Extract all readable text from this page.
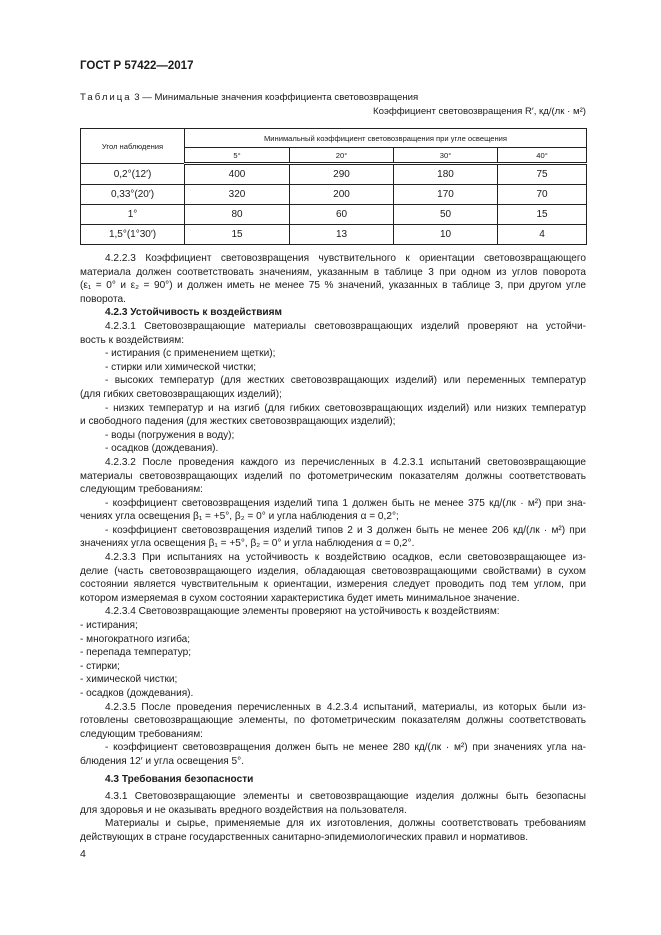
ГОСТ Р 57422—2017
Таблица 3 — Минимальные значения коэффициента световозвращения
Коэффициент световозвращения R′, кд/(лк · м²)
Угол наблюдения	Минимальный коэффициент световозвращения при угле освещения			
	5°	20°	30°	40°
0,2°(12′)	400	290	180	75
0,33°(20′)	320	200	170	70
1°	80	60	50	15
1,5°(1°30′)	15	13	10	4
4.2.2.3 Коэффициент световозвращения чувствительного к ориентации световозвращающего
материала должен соответствовать значениям, указанным в таблице 3 при одном из углов поворота
(ε₁ = 0° и ε₂ = 90°) и должен иметь не менее 75 % значений, указанных в таблице 3, при другом угле
поворота.
4.2.3 Устойчивость к воздействиям
4.2.3.1 Световозвращающие материалы световозвращающих изделий проверяют на устойчи-
вость к воздействиям:
- истирания (с применением щетки);
- стирки или химической чистки;
- высоких температур (для жестких световозвращающих изделий) или переменных температур
(для гибких световозвращающих изделий);
- низких температур и на изгиб (для гибких световозвращающих изделий) или низких температур
и свободного падения (для жестких световозвращающих изделий);
- воды (погружения в воду);
- осадков (дождевания).
4.2.3.2 После проведения каждого из перечисленных в 4.2.3.1 испытаний световозвращающие
материалы световозвращающих изделий по фотометрическим показателям должны соответствовать
следующим требованиям:
- коэффициент световозвращения изделий типа 1 должен быть не менее 375 кд/(лк · м²) при зна-
чениях угла освещения β₁ = +5°, β₂ = 0° и угла наблюдения α = 0,2°;
- коэффициент световозвращения изделий типов 2 и 3 должен быть не менее 206 кд/(лк · м²) при
значениях угла освещения β₁ = +5°, β₂ = 0° и угла наблюдения α = 0,2°.
4.2.3.3 При испытаниях на устойчивость к воздействию осадков, если световозвращающее из-
делие (часть световозвращающего изделия, обладающая световозвращающими свойствами) в сухом
состоянии является чувствительным к ориентации, измерения следует проводить под тем углом, при
котором измеряемая в сухом состоянии характеристика будет иметь минимальное значение.
4.2.3.4 Световозвращающие элементы проверяют на устойчивость к воздействиям:
- истирания;
- многократного изгиба;
- перепада температур;
- стирки;
- химической чистки;
- осадков (дождевания).
4.2.3.5 После проведения перечисленных в 4.2.3.4 испытаний, материалы, из которых были из-
готовлены световозвращающие элементы, по фотометрическим показателям должны соответствовать
следующим требованиям:
- коэффициент световозвращения должен быть не менее 280 кд/(лк · м²) при значениях угла на-
блюдения 12′ и угла освещения 5°.
4.3 Требования безопасности
4.3.1 Световозвращающие элементы и световозвращающие изделия должны быть безопасны
для здоровья и не оказывать вредного воздействия на пользователя.
Материалы и сырье, применяемые для их изготовления, должны соответствовать требованиям
действующих в стране государственных санитарно-эпидемиологических правил и нормативов.
4
